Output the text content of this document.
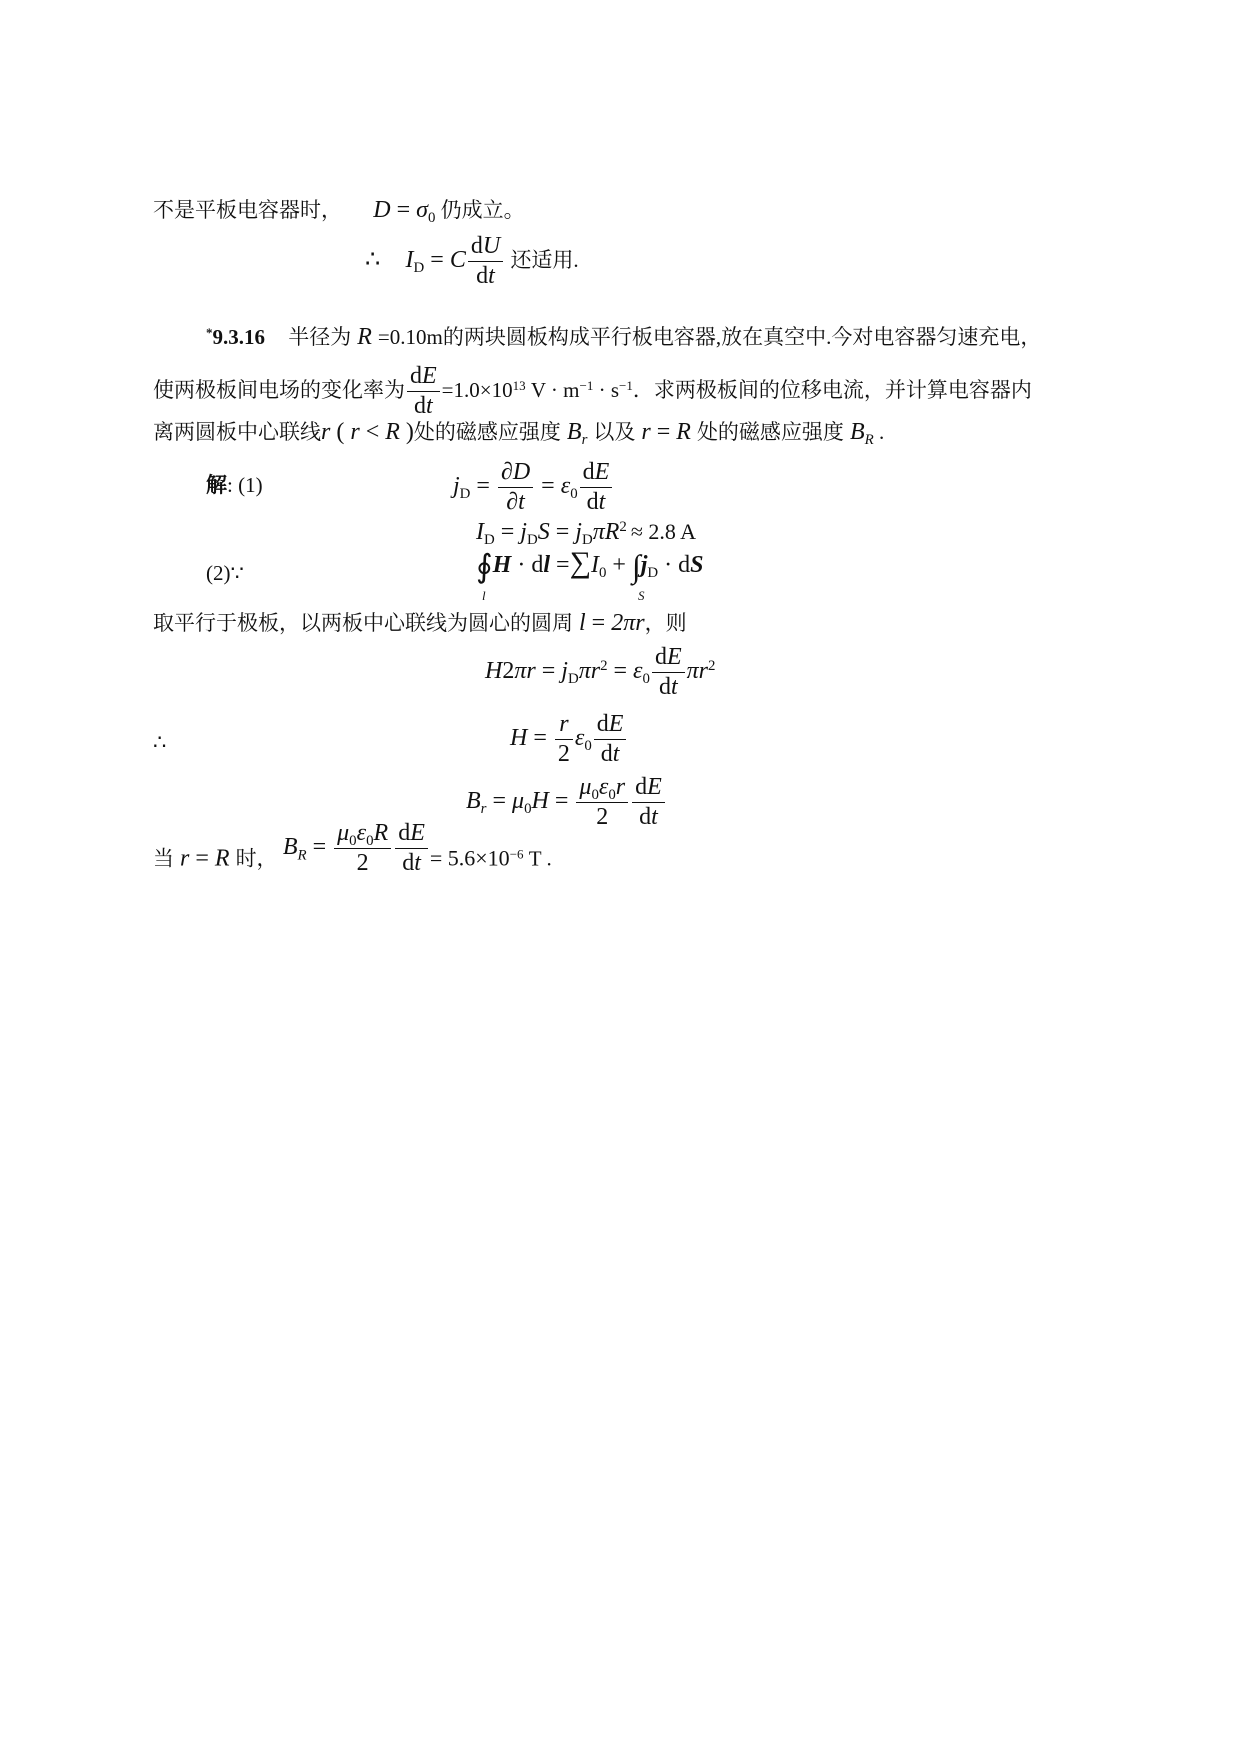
不是平板电容器时， $D = \sigma_0$ 仍成立。
∴ $I_D = C \frac{dU}{dt}$ 还适用.
*9.3.16 半径为 R =0.10m的两块圆板构成平行板电容器,放在真空中.今对电容器匀速充电，
使两极板间电场的变化率为 $\frac{dE}{dt} =1.0\times 10^{13}$ $V \cdot m^{-1} \cdot s^{-1}$．求两极板间的位移电流，并计算电容器内
离两圆板中心联线r ( r < R )处的磁感应强度 $B_r$ 以及 r = R 处的磁感应强度 $B_R$ .
解: (1)	$j_D = \frac{\partial D}{\partial t} = \varepsilon_0 \frac{dE}{dt}$
$I_D = j_DS = j_D\pi R^2 \approx 2.8$ A
(2)∵	∮
l
H · dl $=\sum I_0$ + ∫
S
$j_D$ · dS
取平行于极板，以两板中心联线为圆心的圆周 l = 2πr，则
$H2\pi r = j_D\pi r^2 = \varepsilon_0 \frac{dE}{dt} \pi r^2$
∴	$H = \frac{r}{2} \varepsilon_0 \frac{dE}{dt}$
$B_r = \mu_0H = \frac{\mu_0\varepsilon_0r}{2} \frac{dE}{dt}$
当 r = R 时， $B_R = \frac{\mu_0\varepsilon_0R}{2} \frac{dE}{dt} = 5.6\times 10^{-6}$ T .
